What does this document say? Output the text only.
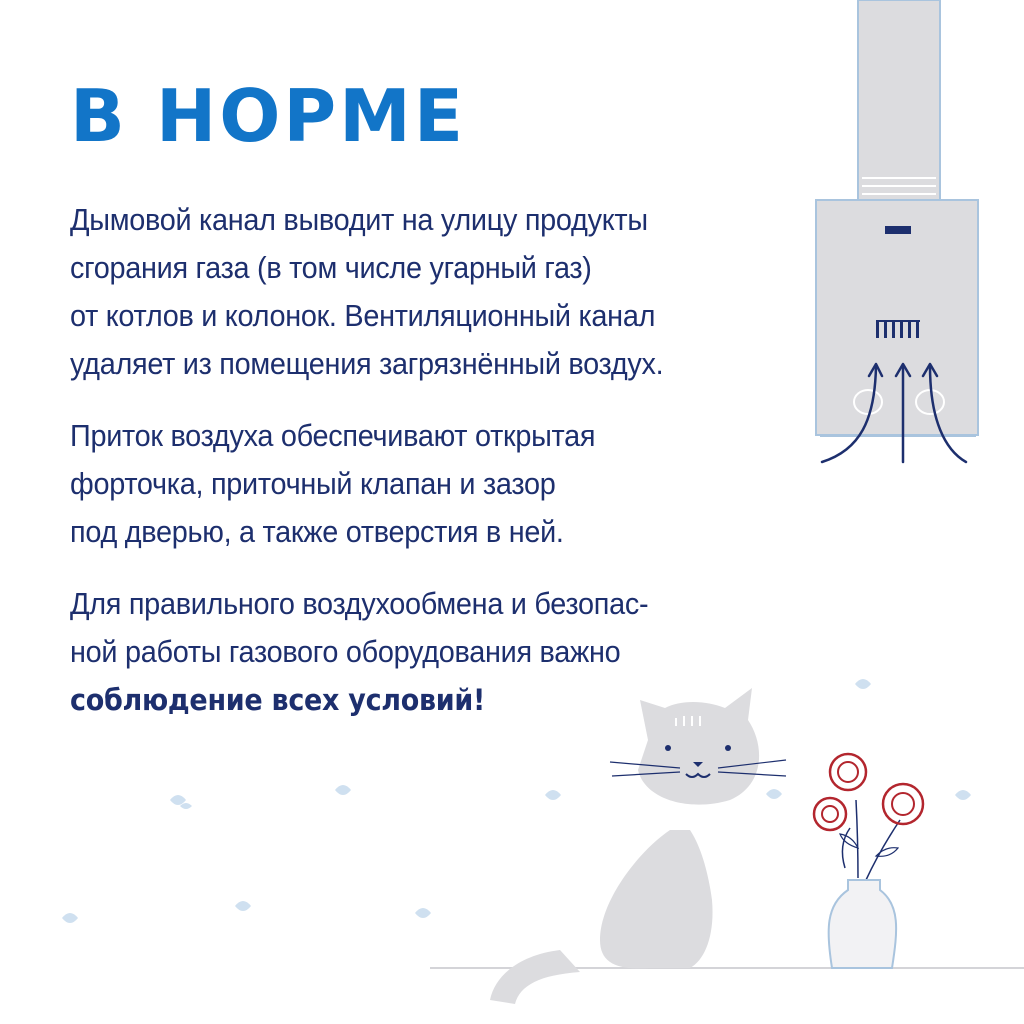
В НОРМЕ

Дымовой канал выводит на улицу продукты
сгорания газа (в том числе угарный газ)
от котлов и колонок. Вентиляционный канал
удаляет из помещения загрязнённый воздух.

Приток воздуха обеспечивают открытая
форточка, приточный клапан и зазор
под дверью, а также отверстия в ней.

Для правильного воздухообмена и безопас-
ной работы газового оборудования важно
соблюдение всех условий!
